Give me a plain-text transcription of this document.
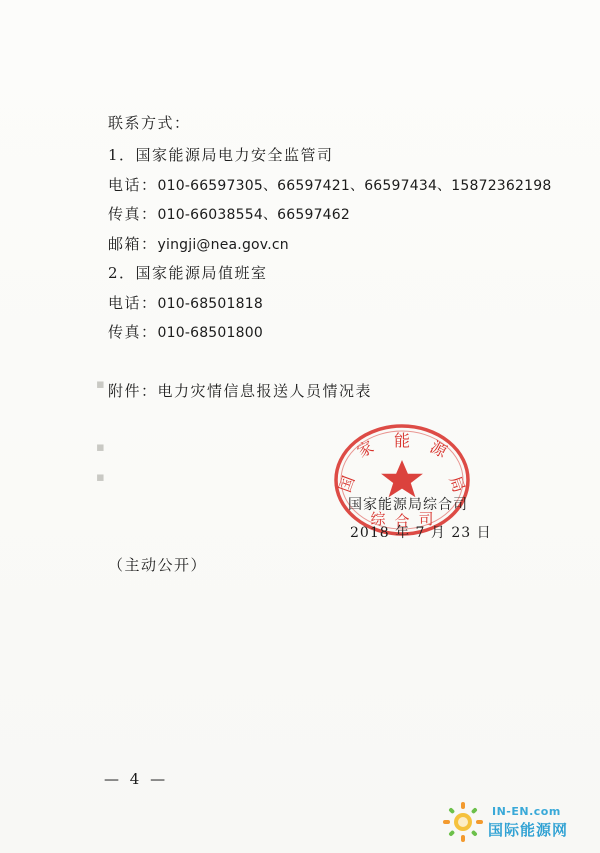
▪
▪
▪
联系方式：
1．国家能源局电力安全监管司
电话：010-66597305、66597421、66597434、15872362198
传真：010-66038554、66597462
邮箱：yingji@nea.gov.cn
2．国家能源局值班室
电话：010-68501818
传真：010-68501800
附件：电力灾情信息报送人员情况表
家 能 源
国	局
综 合 司
国家能源局综合司
2018 年 7 月 23 日
（主动公开）
— 4 —
IN-EN.com
国际能源网
